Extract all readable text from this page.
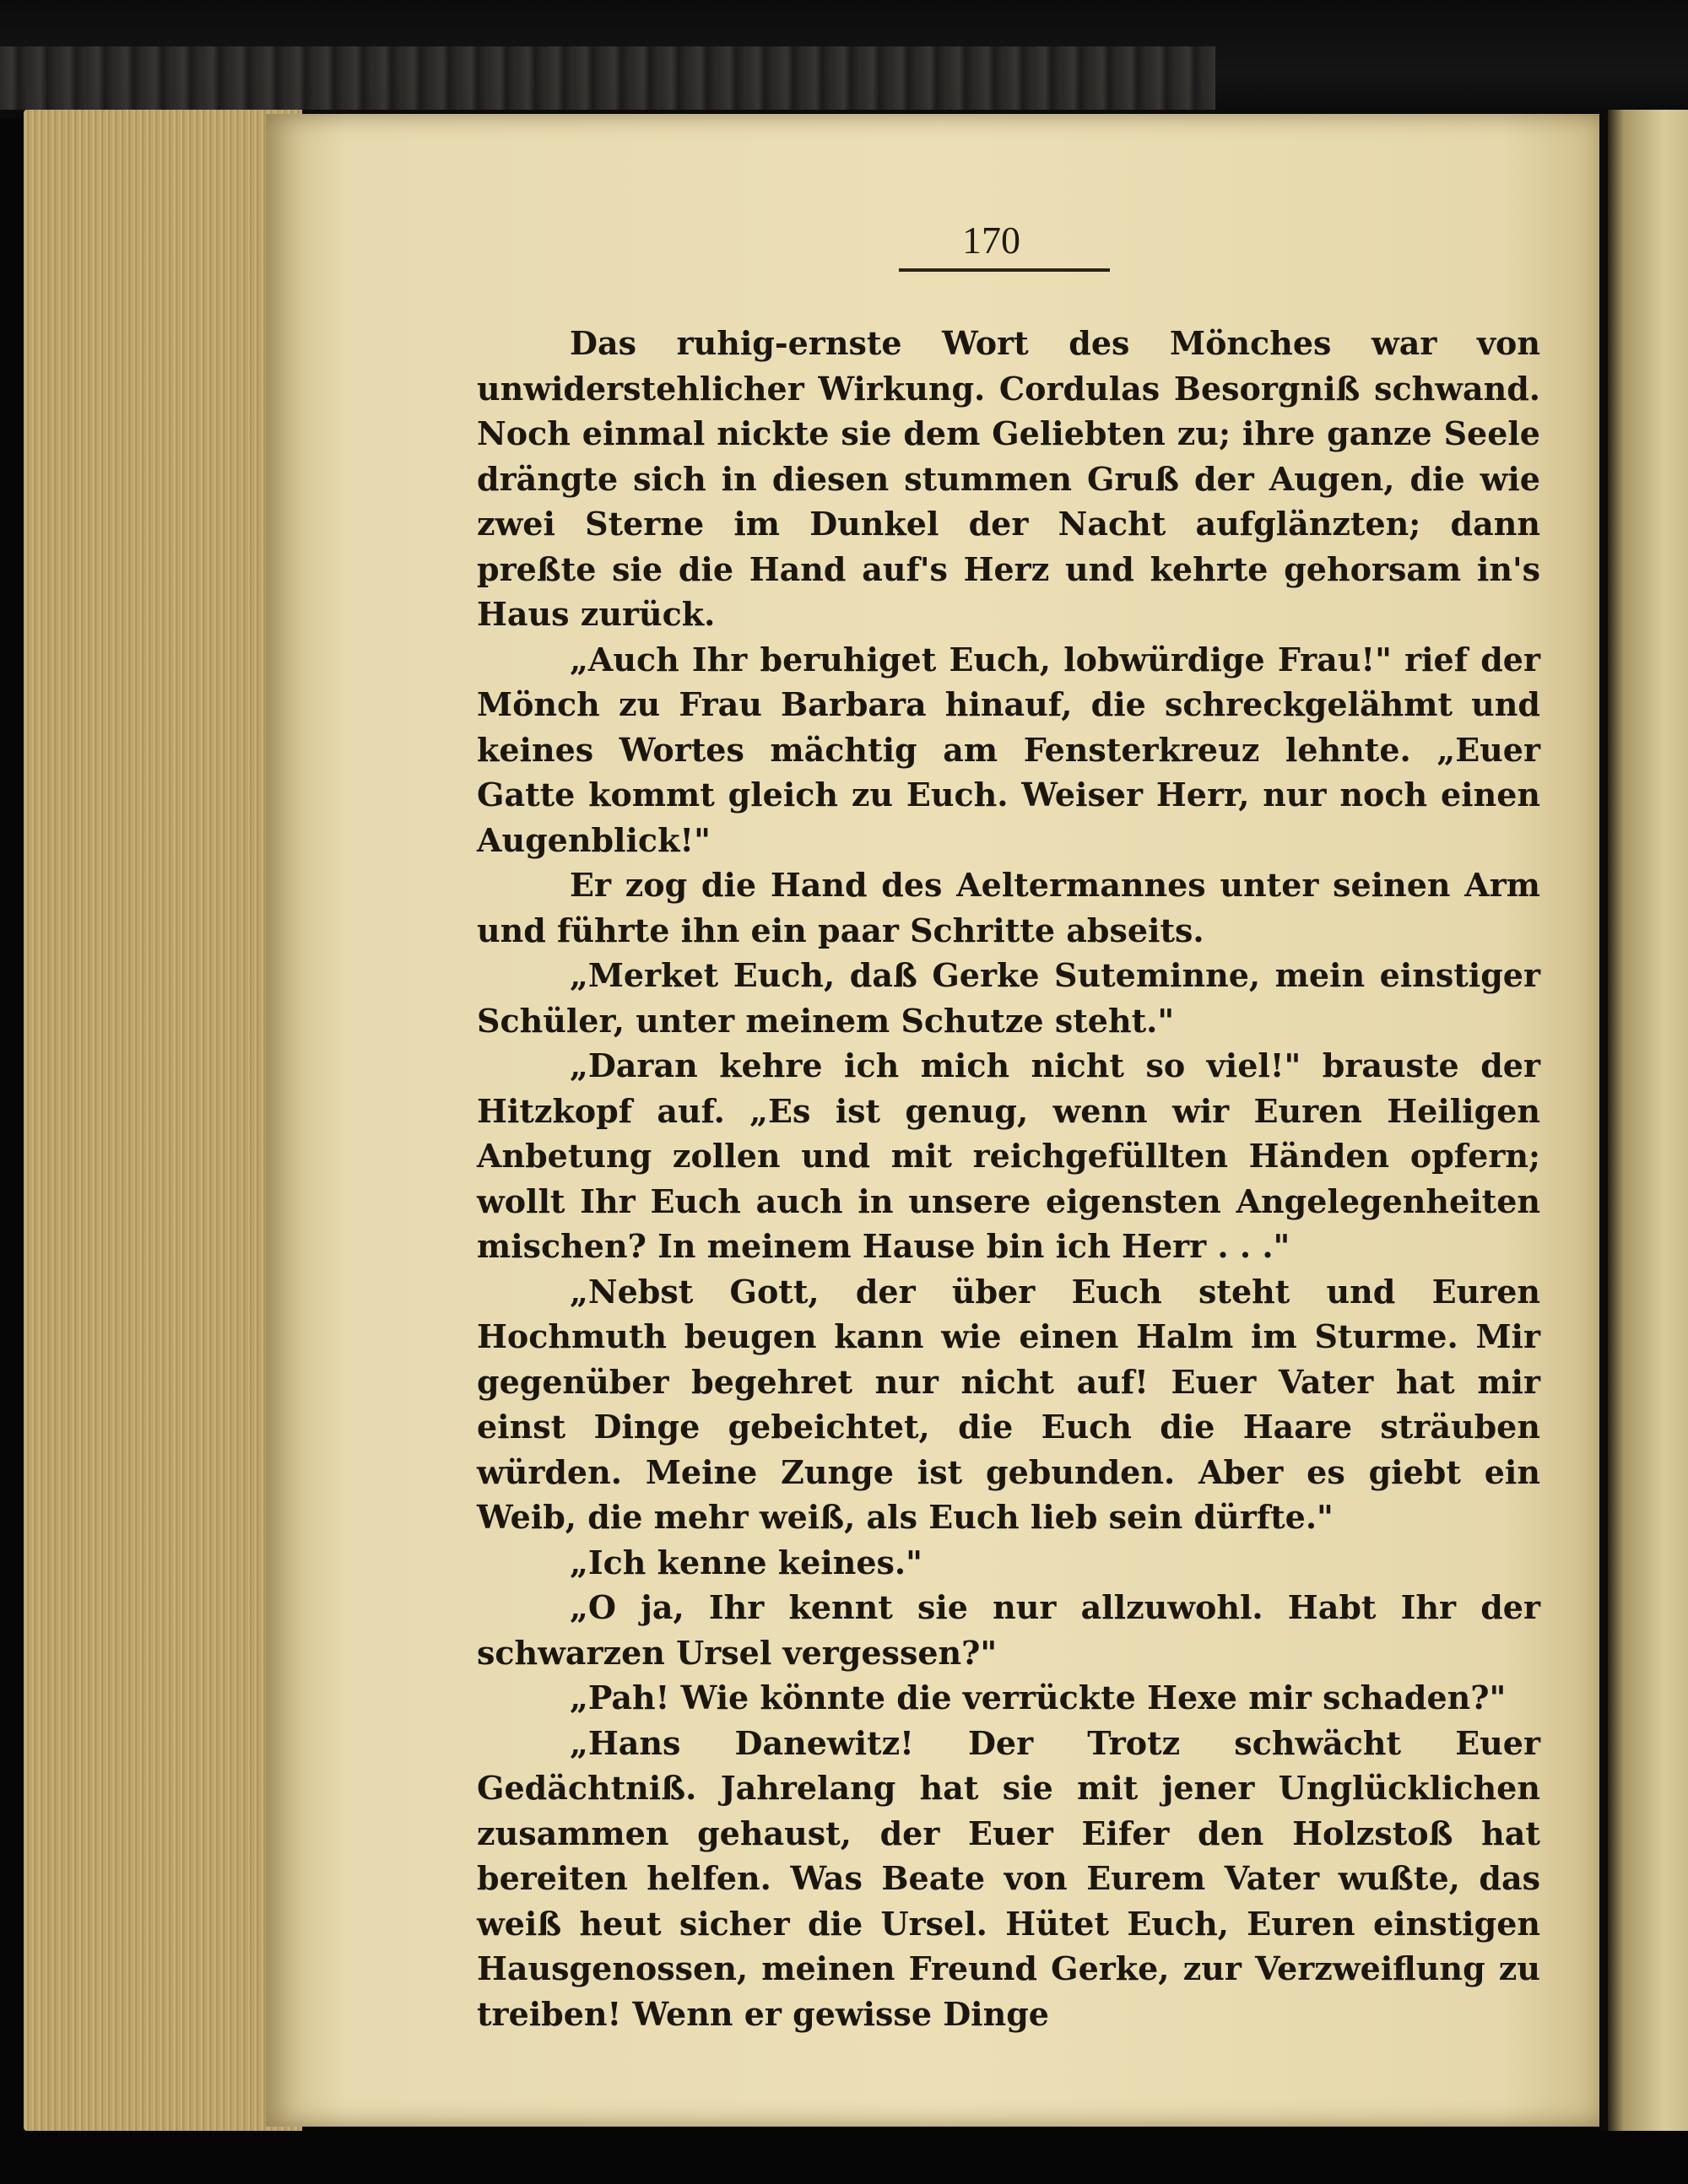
170

Das ruhig-ernste Wort des Mönches war von unwiderstehlicher Wirkung. Cordulas Besorgniß schwand. Noch einmal nickte sie dem Geliebten zu; ihre ganze Seele drängte sich in diesen stummen Gruß der Augen, die wie zwei Sterne im Dunkel der Nacht aufglänzten; dann preßte sie die Hand auf's Herz und kehrte gehorsam in's Haus zurück.

„Auch Ihr beruhiget Euch, lobwürdige Frau!" rief der Mönch zu Frau Barbara hinauf, die schreckgelähmt und keines Wortes mächtig am Fensterkreuz lehnte. „Euer Gatte kommt gleich zu Euch. Weiser Herr, nur noch einen Augenblick!"

Er zog die Hand des Aeltermannes unter seinen Arm und führte ihn ein paar Schritte abseits.

„Merket Euch, daß Gerke Suteminne, mein einstiger Schüler, unter meinem Schutze steht."

„Daran kehre ich mich nicht so viel!" brauste der Hitzkopf auf. „Es ist genug, wenn wir Euren Heiligen Anbetung zollen und mit reichgefüllten Händen opfern; wollt Ihr Euch auch in unsere eigensten Angelegenheiten mischen? In meinem Hause bin ich Herr . . ."

„Nebst Gott, der über Euch steht und Euren Hochmuth beugen kann wie einen Halm im Sturme. Mir gegenüber begehret nur nicht auf! Euer Vater hat mir einst Dinge gebeichtet, die Euch die Haare sträuben würden. Meine Zunge ist gebunden. Aber es giebt ein Weib, die mehr weiß, als Euch lieb sein dürfte."

„Ich kenne keines."

„O ja, Ihr kennt sie nur allzuwohl. Habt Ihr der schwarzen Ursel vergessen?"

„Pah! Wie könnte die verrückte Hexe mir schaden?"

„Hans Danewitz! Der Trotz schwächt Euer Gedächtniß. Jahrelang hat sie mit jener Unglücklichen zusammen gehaust, der Euer Eifer den Holzstoß hat bereiten helfen. Was Beate von Eurem Vater wußte, das weiß heut sicher die Ursel. Hütet Euch, Euren einstigen Hausgenossen, meinen Freund Gerke, zur Verzweiflung zu treiben! Wenn er gewisse Dinge
